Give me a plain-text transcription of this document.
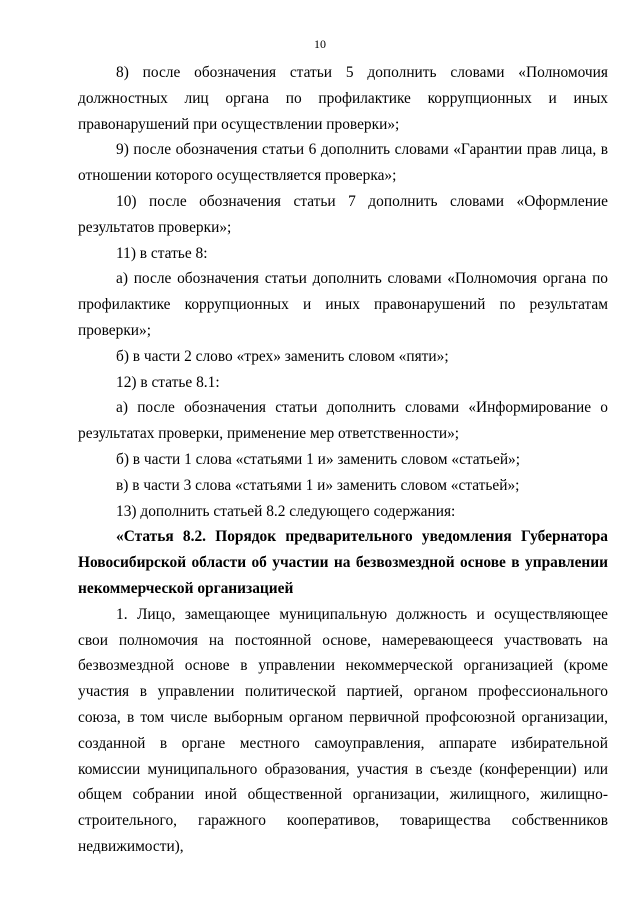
10

8) после обозначения статьи 5 дополнить словами «Полномочия должностных лиц органа по профилактике коррупционных и иных правонарушений при осуществлении проверки»;

9) после обозначения статьи 6 дополнить словами «Гарантии прав лица, в отношении которого осуществляется проверка»;

10) после обозначения статьи 7 дополнить словами «Оформление результатов проверки»;

11) в статье 8:

а) после обозначения статьи дополнить словами «Полномочия органа по профилактике коррупционных и иных правонарушений по результатам проверки»;

б) в части 2 слово «трех» заменить словом «пяти»;

12) в статье 8.1:

а) после обозначения статьи дополнить словами «Информирование о результатах проверки, применение мер ответственности»;

б) в части 1 слова «статьями 1 и» заменить словом «статьей»;

в) в части 3 слова «статьями 1 и» заменить словом «статьей»;

13) дополнить статьей 8.2 следующего содержания:

«Статья 8.2. Порядок предварительного уведомления Губернатора Новосибирской области об участии на безвозмездной основе в управлении некоммерческой организацией

1. Лицо, замещающее муниципальную должность и осуществляющее свои полномочия на постоянной основе, намеревающееся участвовать на безвозмездной основе в управлении некоммерческой организацией (кроме участия в управлении политической партией, органом профессионального союза, в том числе выборным органом первичной профсоюзной организации, созданной в органе местного самоуправления, аппарате избирательной комиссии муниципального образования, участия в съезде (конференции) или общем собрании иной общественной организации, жилищного, жилищно-строительного, гаражного кооперативов, товарищества собственников недвижимости),
